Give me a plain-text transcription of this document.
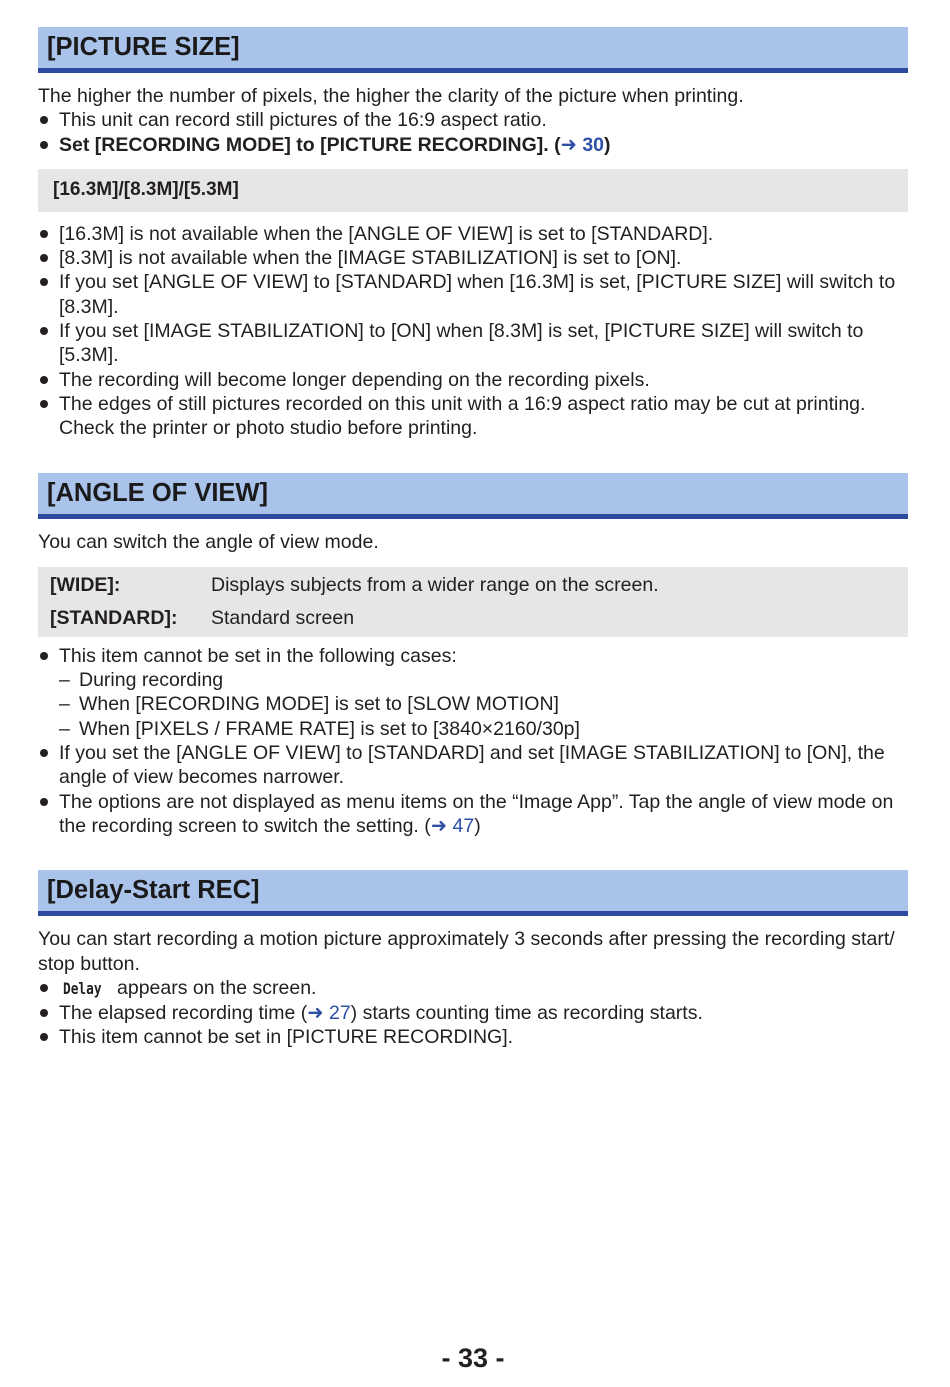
[PICTURE SIZE]

The higher the number of pixels, the higher the clarity of the picture when printing.

This unit can record still pictures of the 16:9 aspect ratio.
Set [RECORDING MODE] to [PICTURE RECORDING]. (➜ 30)
[16.3M]/[8.3M]/[5.3M]
[16.3M] is not available when the [ANGLE OF VIEW] is set to [STANDARD].
[8.3M] is not available when the [IMAGE STABILIZATION] is set to [ON].
If you set [ANGLE OF VIEW] to [STANDARD] when [16.3M] is set, [PICTURE SIZE] will switch to [8.3M].
If you set [IMAGE STABILIZATION] to [ON] when [8.3M] is set, [PICTURE SIZE] will switch to [5.3M].
The recording will become longer depending on the recording pixels.
The edges of still pictures recorded on this unit with a 16:9 aspect ratio may be cut at printing. Check the printer or photo studio before printing.
[ANGLE OF VIEW]

You can switch the angle of view mode.

[WIDE]:	Displays subjects from a wider range on the screen.
[STANDARD]:	Standard screen
This item cannot be set in the following cases:
– During recording
– When [RECORDING MODE] is set to [SLOW MOTION]
– When [PIXELS / FRAME RATE] is set to [3840×2160/30p]
If you set the [ANGLE OF VIEW] to [STANDARD] and set [IMAGE STABILIZATION] to [ON], the angle of view becomes narrower.
The options are not displayed as menu items on the “Image App”. Tap the angle of view mode on the recording screen to switch the setting. (➜ 47)
[Delay-Start REC]

You can start recording a motion picture approximately 3 seconds after pressing the recording start/ stop button.

Delay appears on the screen.
The elapsed recording time (➜ 27) starts counting time as recording starts.
This item cannot be set in [PICTURE RECORDING].
- 33 -
